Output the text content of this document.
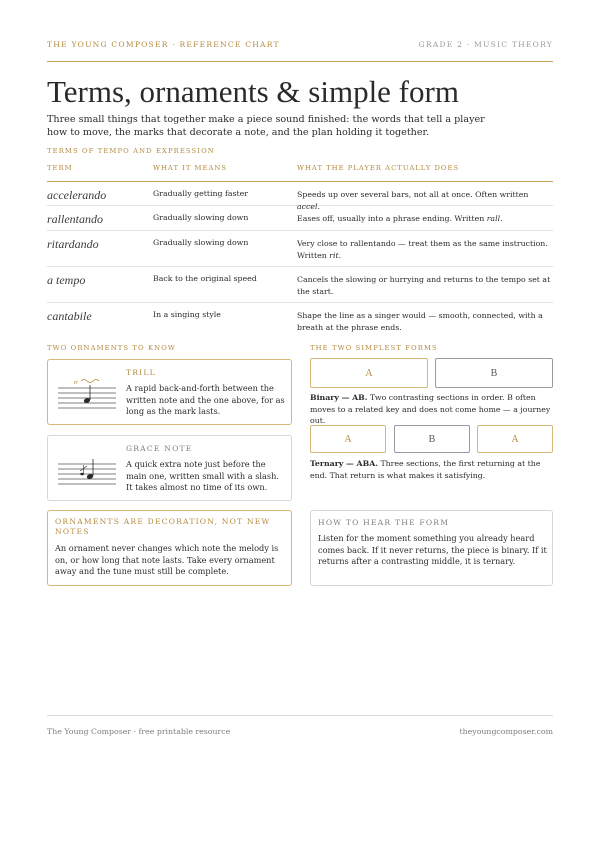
THE YOUNG COMPOSER · REFERENCE CHART	GRADE 2 · MUSIC THEORY
Terms, ornaments & simple form

Three small things that together make a piece sound finished: the words that tell a player how to move, the marks that decorate a note, and the plan holding it together.

TERMS OF TEMPO AND EXPRESSION
TERM	WHAT IT MEANS	WHAT THE PLAYER ACTUALLY DOES
accelerando	Gradually getting faster	Speeds up over several bars, not all at once. Often written accel.
rallentando	Gradually slowing down	Eases off, usually into a phrase ending. Written rall.
ritardando	Gradually slowing down	Very close to rallentando — treat them as the same instruction. Written rit.
a tempo	Back to the original speed	Cancels the slowing or hurrying and returns to the tempo set at the start.
cantabile	In a singing style	Shape the line as a singer would — smooth, connected, with a breath at the phrase ends.
TWO ORNAMENTS TO KNOW
tr
TRILL
A rapid back-and-forth between the written note and the one above, for as long as the mark lasts.
GRACE NOTE
A quick extra note just before the main one, written small with a slash. It takes almost no time of its own.
ORNAMENTS ARE DECORATION, NOT NEW NOTES
An ornament never changes which note the melody is on, or how long that note lasts. Take every ornament away and the tune must still be complete.
THE TWO SIMPLEST FORMS
A	B

Binary — AB. Two contrasting sections in order. B often moves to a related key and does not come home — a journey out.

A	B	A

Ternary — ABA. Three sections, the first returning at the end. That return is what makes it satisfying.

HOW TO HEAR THE FORM
Listen for the moment something you already heard comes back. If it never returns, the piece is binary. If it returns after a contrasting middle, it is ternary.
The Young Composer · free printable resource	theyoungcomposer.com
